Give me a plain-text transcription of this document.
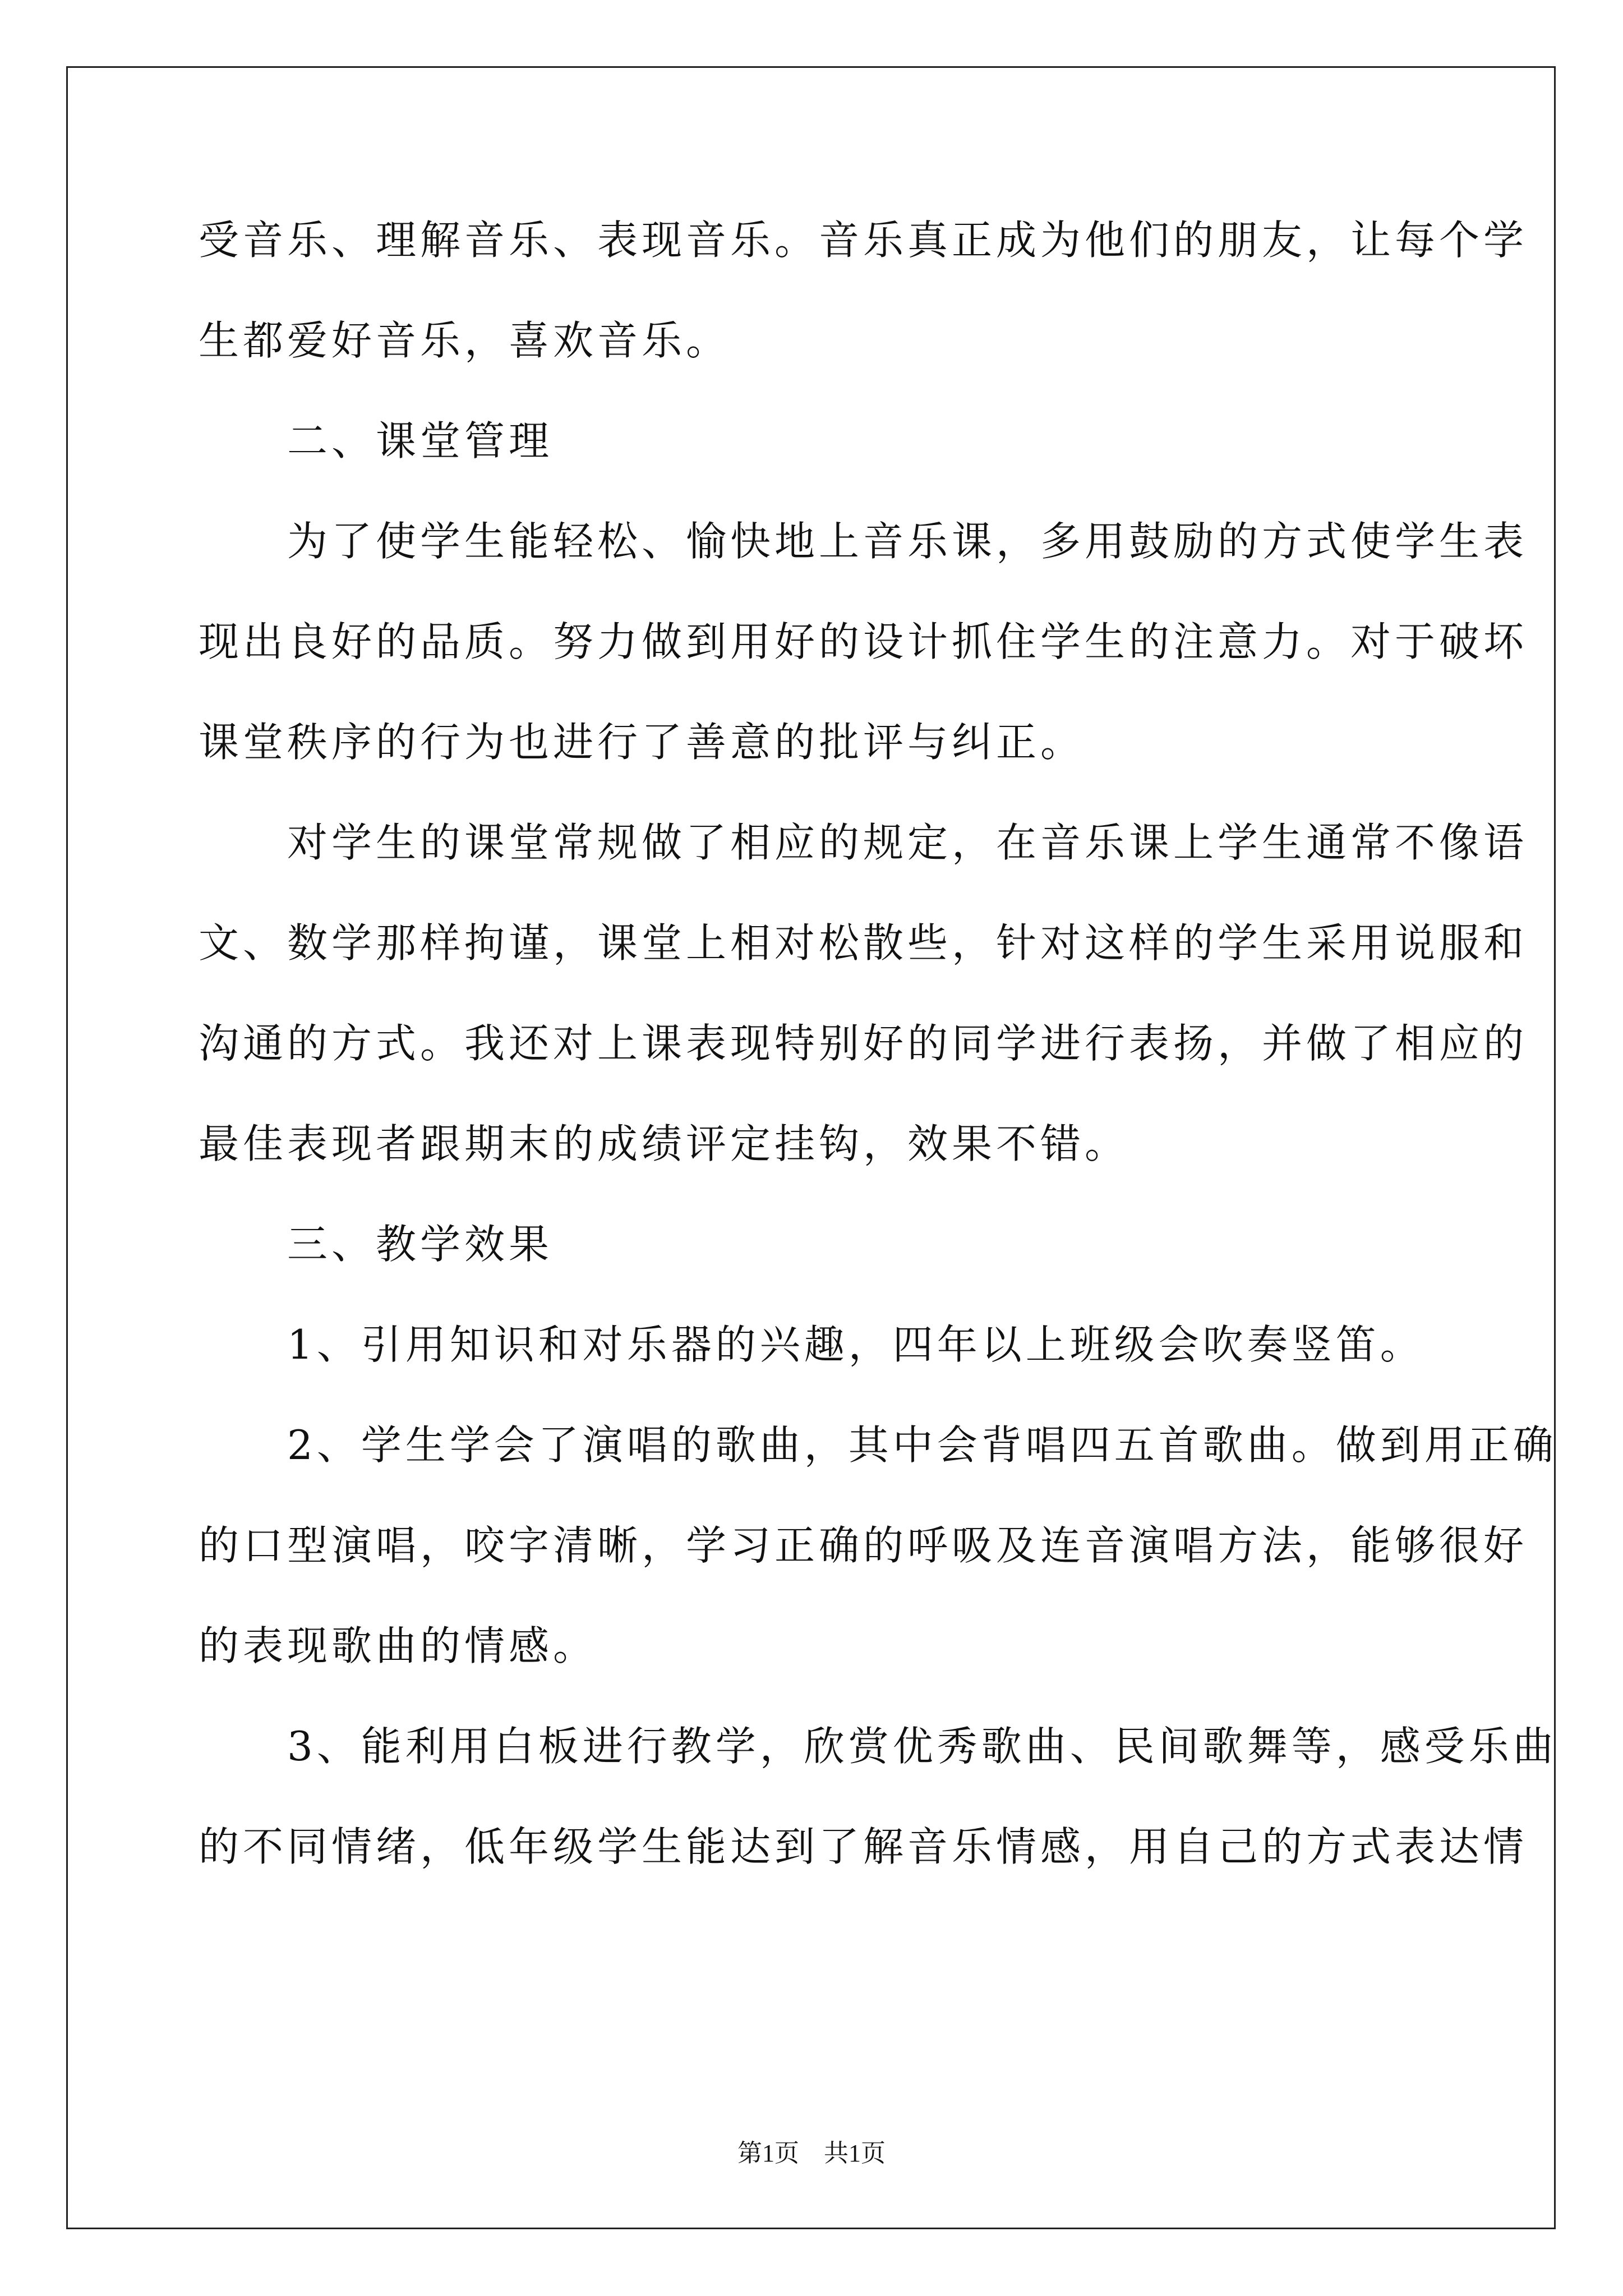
受音乐、理解音乐、表现音乐。音乐真正成为他们的朋友，让每个学
生都爱好音乐，喜欢音乐。
　　二、课堂管理
　　为了使学生能轻松、愉快地上音乐课，多用鼓励的方式使学生表
现出良好的品质。努力做到用好的设计抓住学生的注意力。对于破坏
课堂秩序的行为也进行了善意的批评与纠正。
　　对学生的课堂常规做了相应的规定，在音乐课上学生通常不像语
文、数学那样拘谨，课堂上相对松散些，针对这样的学生采用说服和
沟通的方式。我还对上课表现特别好的同学进行表扬，并做了相应的
最佳表现者跟期末的成绩评定挂钩，效果不错。
　　三、教学效果
　　1、引用知识和对乐器的兴趣，四年以上班级会吹奏竖笛。
　　2、学生学会了演唱的歌曲，其中会背唱四五首歌曲。做到用正确
的口型演唱，咬字清晰，学习正确的呼吸及连音演唱方法，能够很好
的表现歌曲的情感。
　　3、能利用白板进行教学，欣赏优秀歌曲、民间歌舞等，感受乐曲
的不同情绪，低年级学生能达到了解音乐情感，用自己的方式表达情
第1页　共1页
